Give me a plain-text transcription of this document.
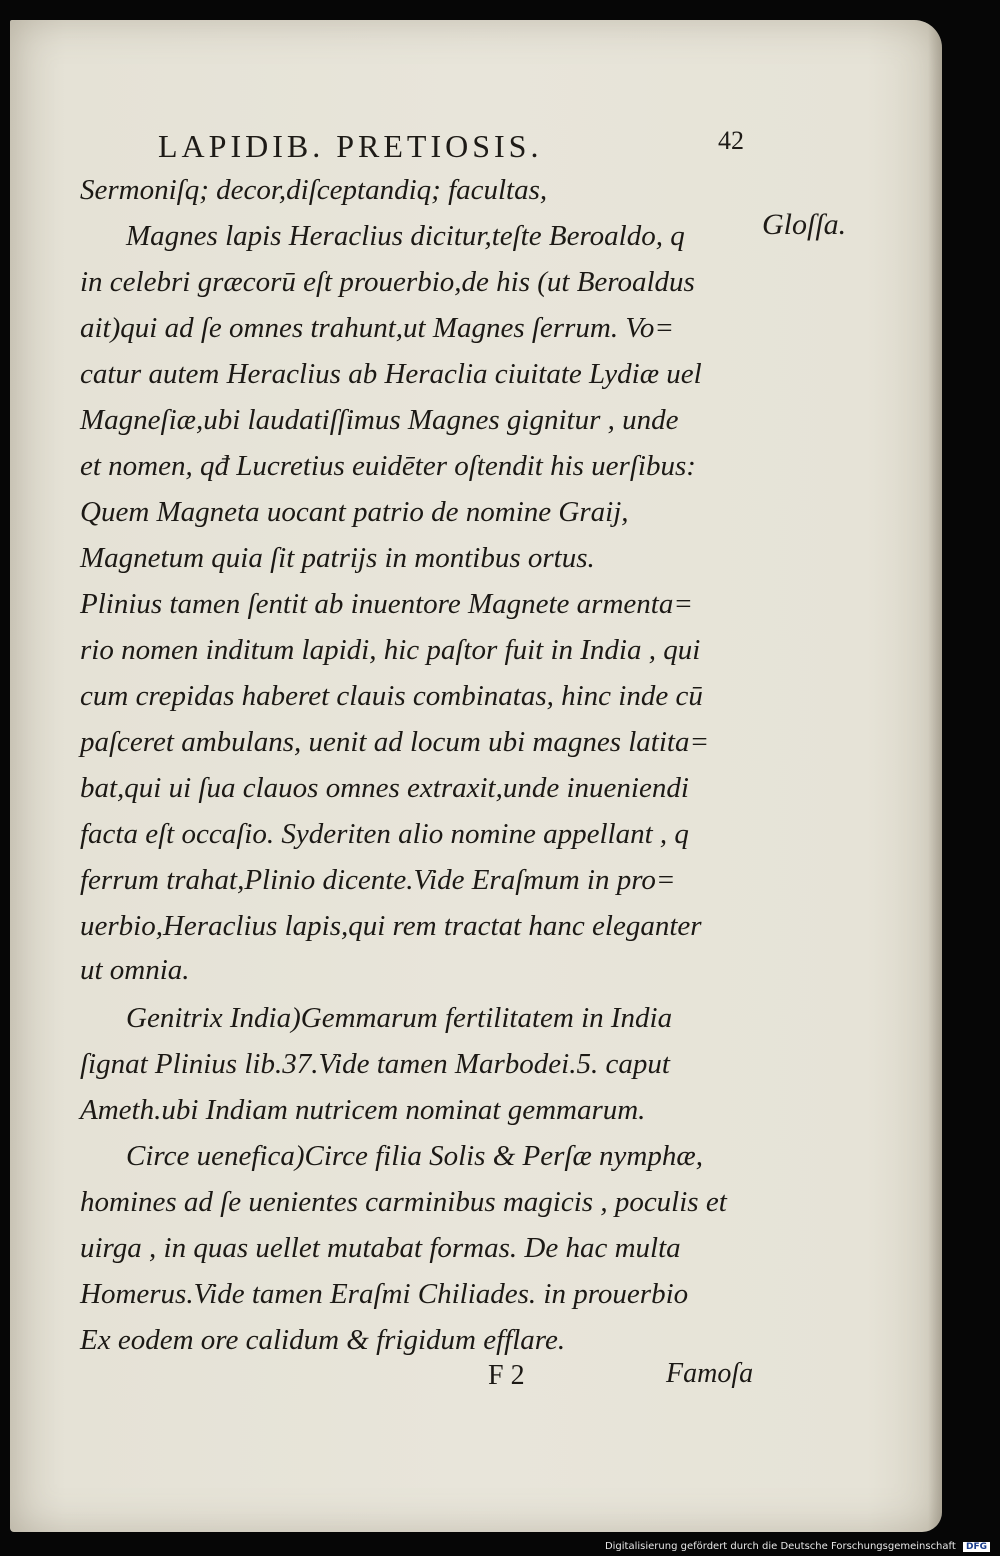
LAPIDIB. PRETIOSIS.	42
Gloſſa.
Sermoniſq; decor,diſceptandiq; facultas,
Magnes lapis Heraclius dicitur,teſte Beroaldo, q
in celebri græcorū eſt prouerbio,de his (ut Beroaldus
ait)qui ad ſe omnes trahunt,ut Magnes ſerrum. Vo=
catur autem Heraclius ab Heraclia ciuitate Lydiæ uel
Magneſiæ,ubi laudatiſſimus Magnes gignitur , unde
et nomen, qđ Lucretius euidēter oſtendit his uerſibus:
Quem Magneta uocant patrio de nomine Graij,
Magnetum quia ſit patrijs in montibus ortus.
Plinius tamen ſentit ab inuentore Magnete armenta=
rio nomen inditum lapidi, hic paſtor fuit in India , qui
cum crepidas haberet clauis combinatas, hinc inde cū
paſceret ambulans, uenit ad locum ubi magnes latita=
bat,qui ui ſua clauos omnes extraxit,unde inueniendi
facta eſt occaſio. Syderiten alio nomine appellant , q
ferrum trahat,Plinio dicente.Vide Eraſmum in pro=
uerbio,Heraclius lapis,qui rem tractat hanc eleganter
ut omnia.
Genitrix India)Gemmarum fertilitatem in India
ſignat Plinius lib.37.Vide tamen Marbodei.5. caput
Ameth.ubi Indiam nutricem nominat gemmarum.
Circe uenefica)Circe filia Solis & Perſæ nymphæ,
homines ad ſe uenientes carminibus magicis , poculis et
uirga , in quas uellet mutabat formas. De hac multa
Homerus.Vide tamen Eraſmi Chiliades. in prouerbio
Ex eodem ore calidum & frigidum efflare.
F 2	Famoſa
Digitalisierung gefördert durch die Deutsche Forschungsgemeinschaft DFG
